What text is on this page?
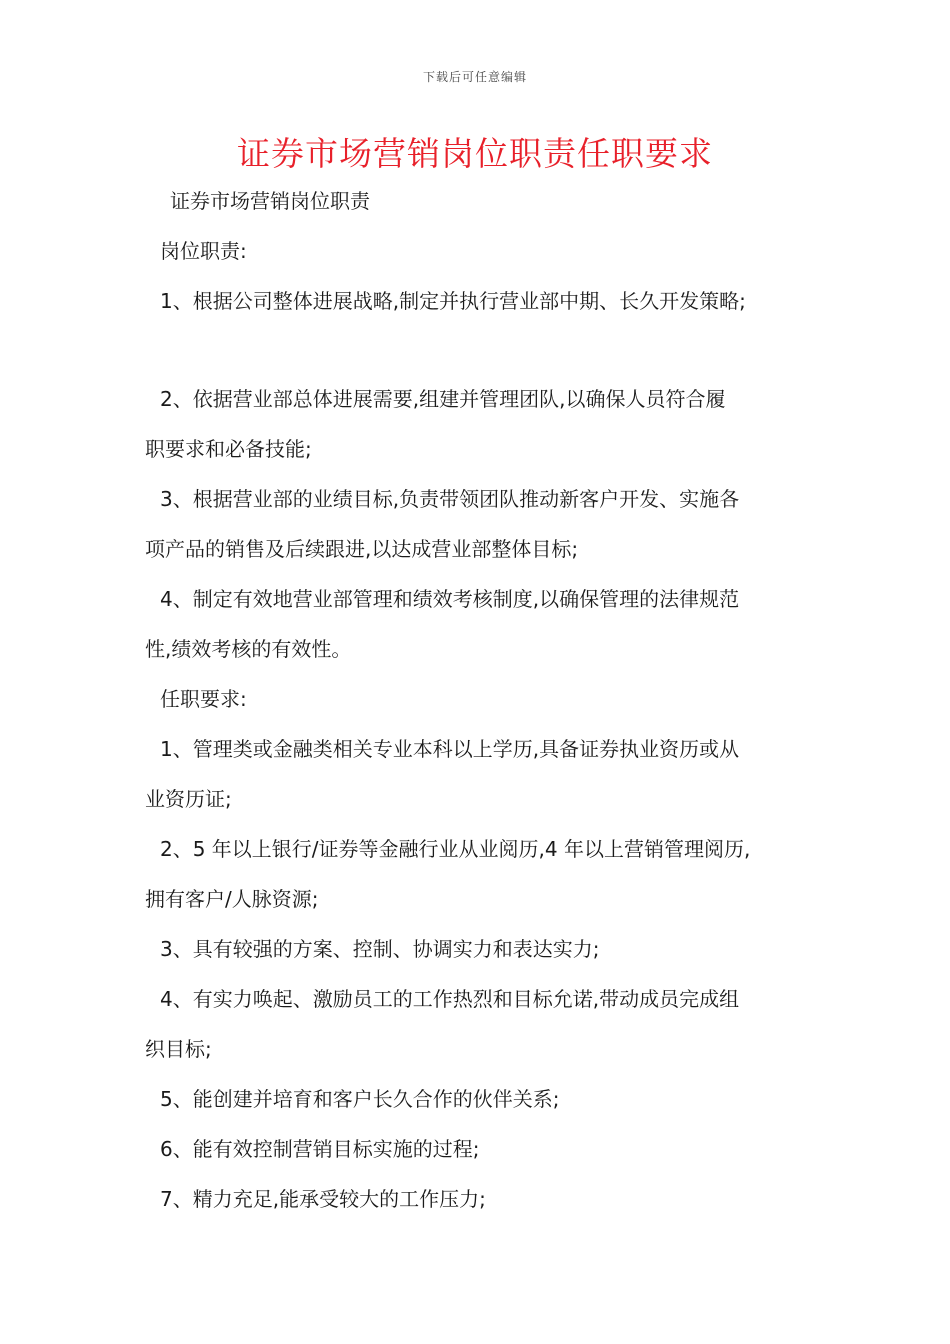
下载后可任意编辑
证券市场营销岗位职责任职要求
证券市场营销岗位职责
岗位职责:
1、根据公司整体进展战略,制定并执行营业部中期、长久开发策略;
2、依据营业部总体进展需要,组建并管理团队,以确保人员符合履
职要求和必备技能;
3、根据营业部的业绩目标,负责带领团队推动新客户开发、实施各
项产品的销售及后续跟进,以达成营业部整体目标;
4、制定有效地营业部管理和绩效考核制度,以确保管理的法律规范
性,绩效考核的有效性。
任职要求:
1、管理类或金融类相关专业本科以上学历,具备证券执业资历或从
业资历证;
2、5 年以上银行/证券等金融行业从业阅历,4 年以上营销管理阅历,
拥有客户/人脉资源;
3、具有较强的方案、控制、协调实力和表达实力;
4、有实力唤起、激励员工的工作热烈和目标允诺,带动成员完成组
织目标;
5、能创建并培育和客户长久合作的伙伴关系;
6、能有效控制营销目标实施的过程;
7、精力充足,能承受较大的工作压力;
